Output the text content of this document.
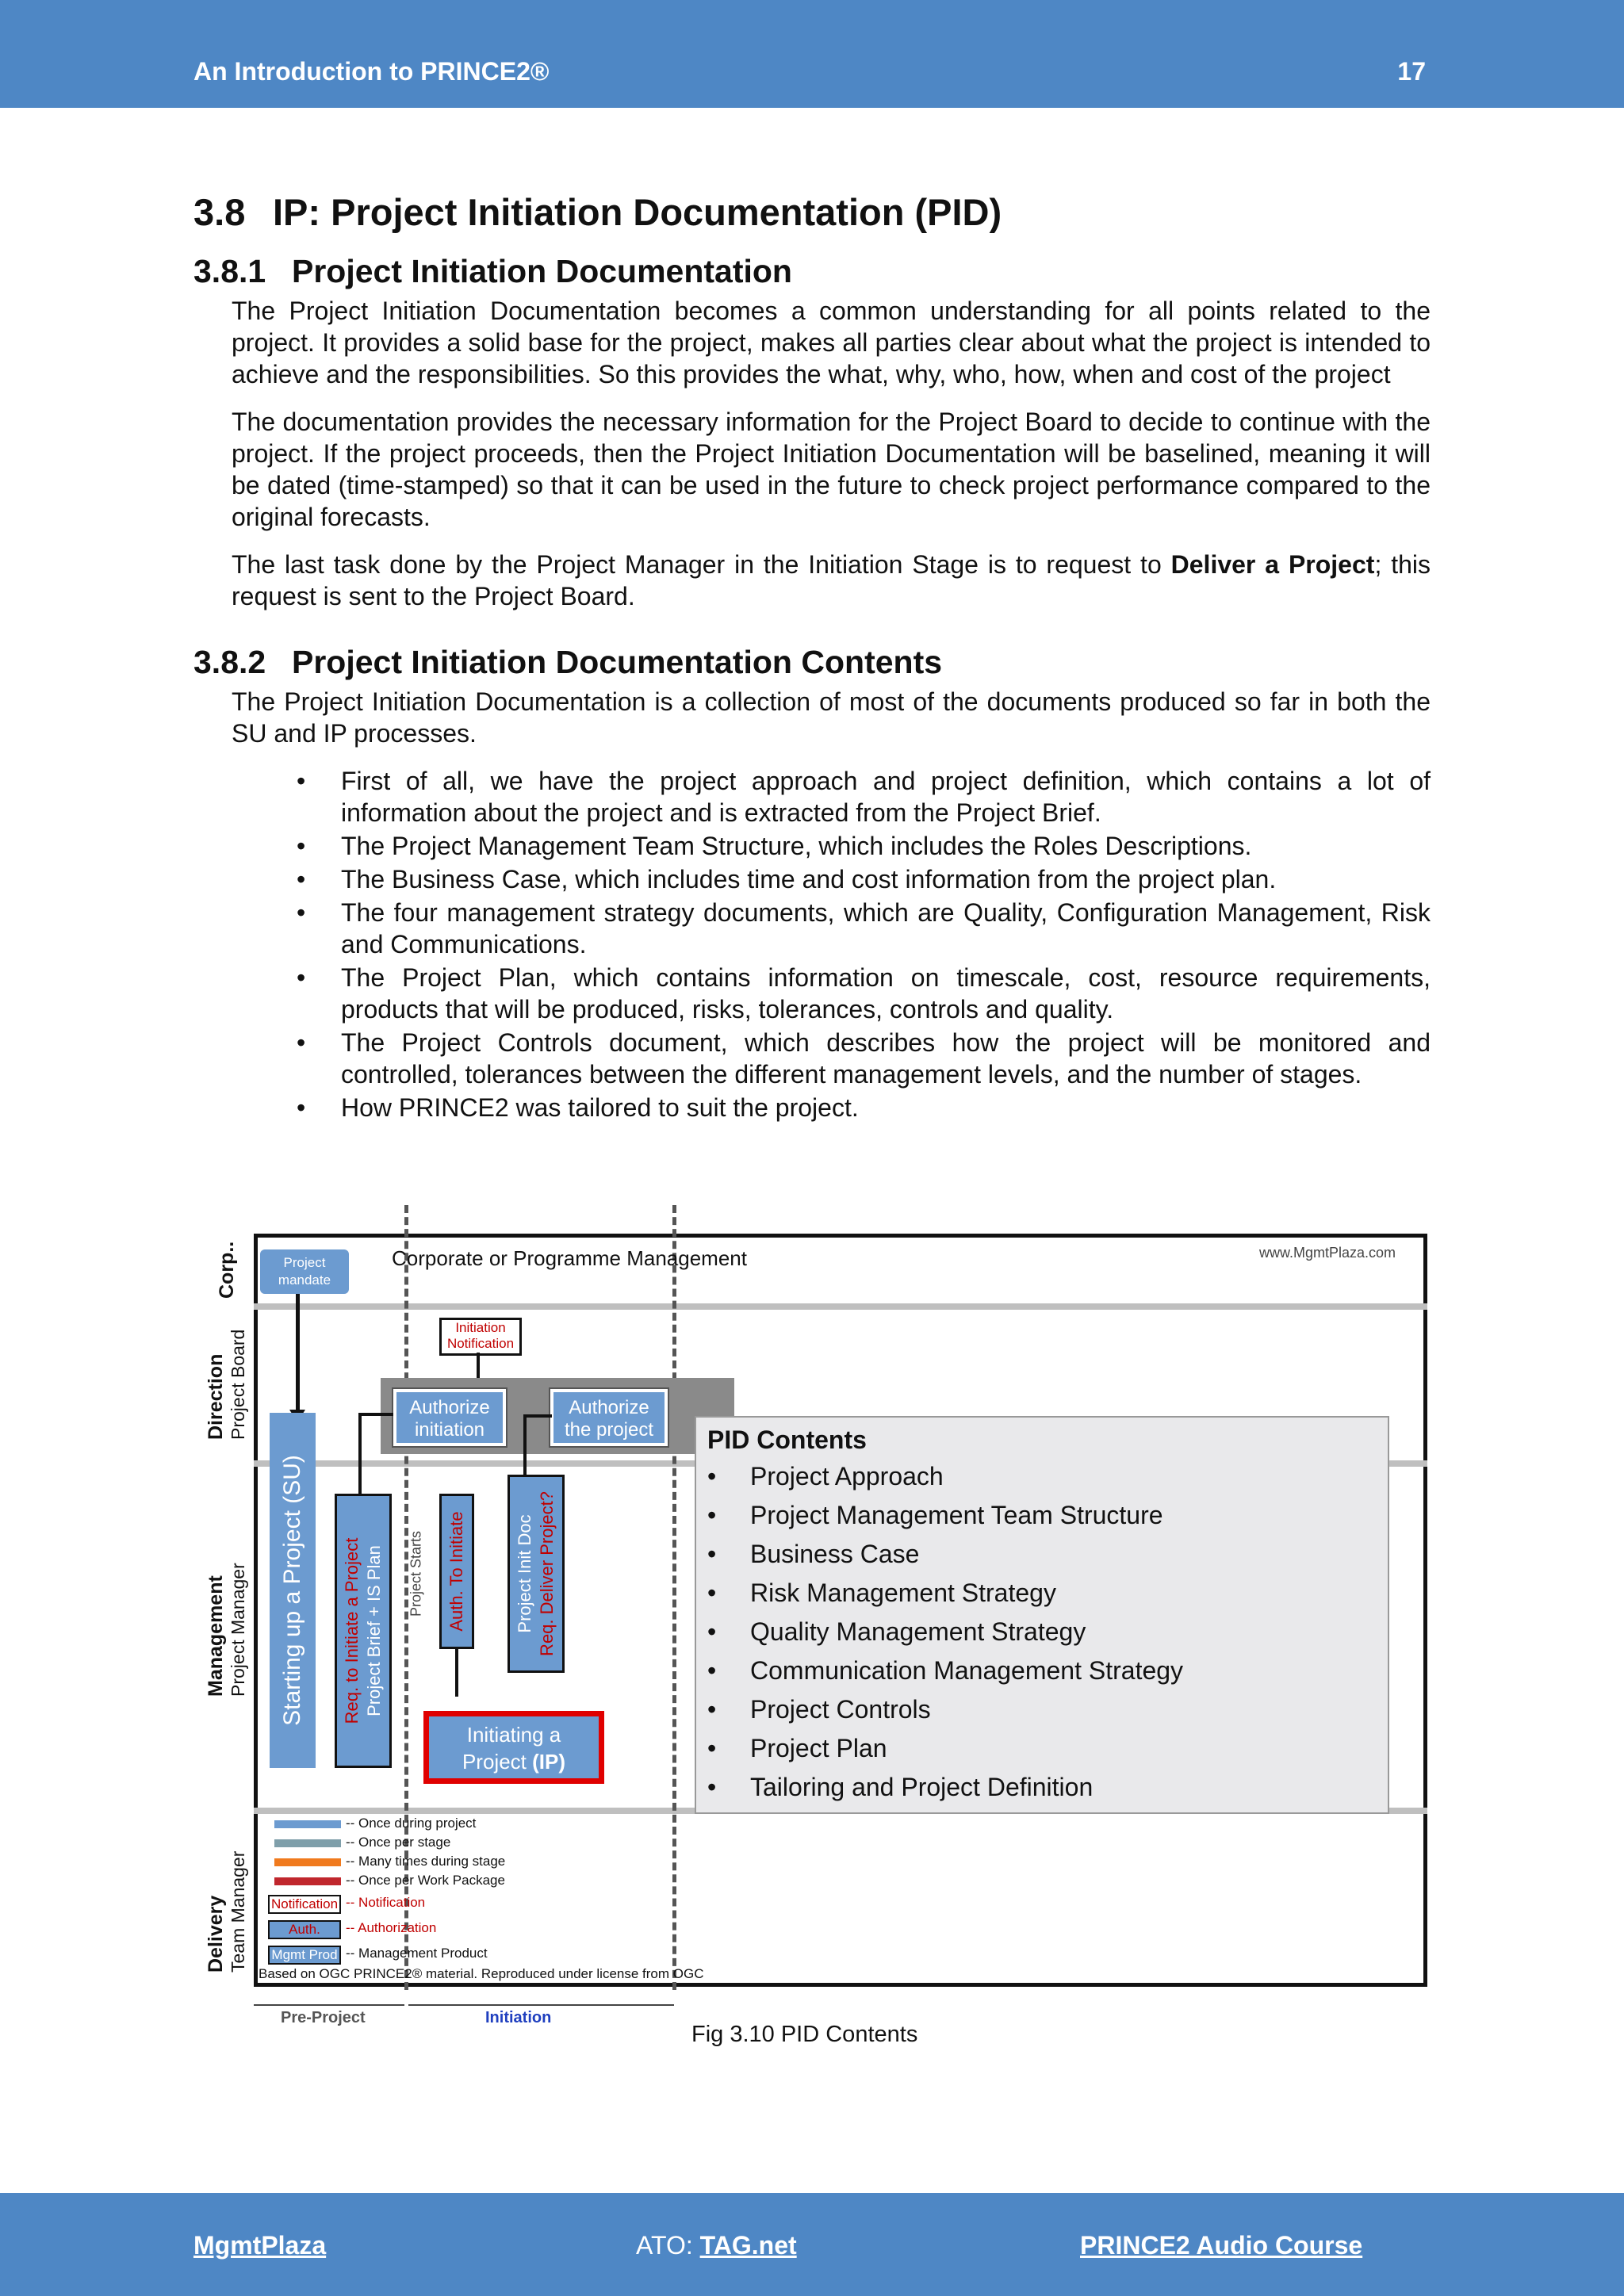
An Introduction to PRINCE2®	17
3.8 IP: Project Initiation Documentation (PID)
3.8.1 Project Initiation Documentation

The Project Initiation Documentation becomes a common understanding for all points related to the project. It provides a solid base for the project, makes all parties clear about what the project is intended to achieve and the responsibilities. So this provides the what, why, who, how, when and cost of the project

The documentation provides the necessary information for the Project Board to decide to continue with the project. If the project proceeds, then the Project Initiation Documentation will be baselined, meaning it will be dated (time-stamped) so that it can be used in the future to check project performance compared to the original forecasts.

The last task done by the Project Manager in the Initiation Stage is to request to Deliver a Project; this request is sent to the Project Board.

3.8.2 Project Initiation Documentation Contents

The Project Initiation Documentation is a collection of most of the documents produced so far in both the SU and IP processes.

• First of all, we have the project approach and project definition, which contains a lot of information about the project and is extracted from the Project Brief.
• The Project Management Team Structure, which includes the Roles Descriptions.
• The Business Case, which includes time and cost information from the project plan.
• The four management strategy documents, which are Quality, Configuration Management, Risk and Communications.
• The Project Plan, which contains information on timescale, cost, resource requirements, products that will be produced, risks, tolerances, controls and quality.
• The Project Controls document, which describes how the project will be monitored and controlled, tolerances between the different management levels, and the number of stages.
• How PRINCE2 was tailored to suit the project.
www.MgmtPlaza.com
Corp..
Direction Project Board
Management Project Manager
Delivery Team Manager
Project mandate
Corporate or Programme Management
Initiation Notification
Authorize initiation
Authorize the project
Starting up a Project (SU) Req. to Initiate a Project Project Brief + IS Plan Project Starts Auth. To Initiate	Project Init Doc Req. Deliver Project?
Initiating a
Project (IP)
PID Contents
• Project Approach
• Project Management Team Structure
• Business Case
• Risk Management Strategy
• Quality Management Strategy
• Communication Management Strategy
• Project Controls
• Project Plan
• Tailoring and Project Definition
-- Once during project
-- Once per stage
-- Many times during stage
-- Once per Work Package
Notification -- Notification
Auth.	-- Authorization
Mgmt Prod -- Management Product
Based on OGC PRINCE2® material. Reproduced under license from OGC
Pre-Project	Initiation
Fig 3.10 PID Contents
MgmtPlaza	ATO: TAG.net	PRINCE2 Audio Course
